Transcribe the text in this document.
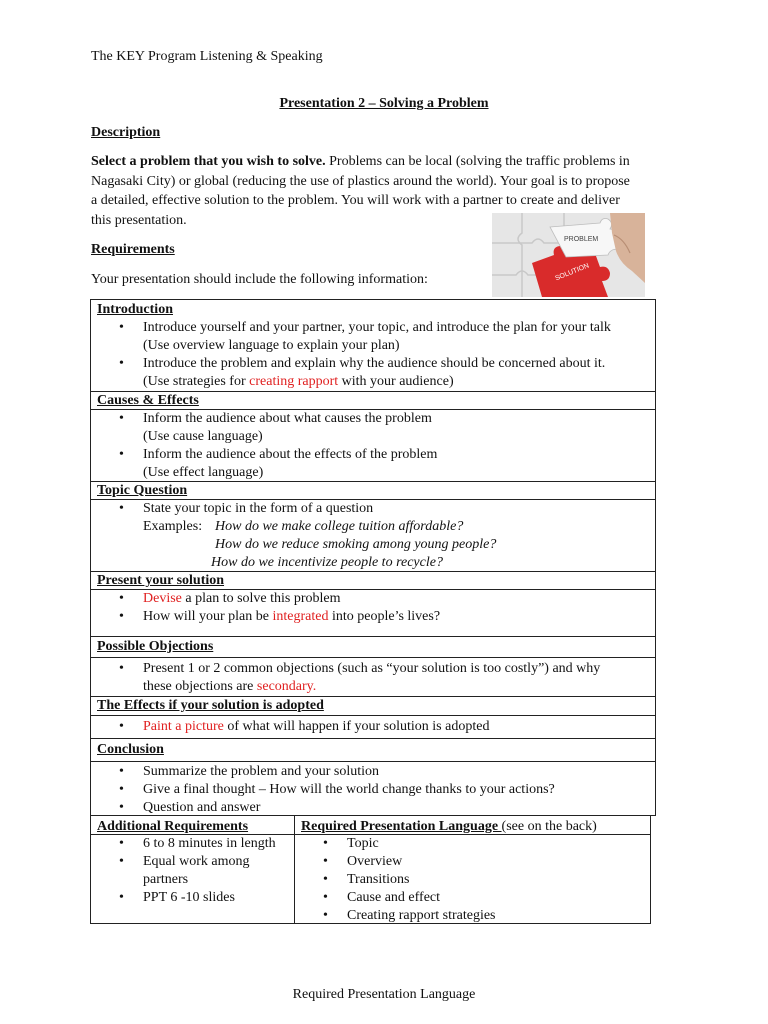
The KEY Program Listening & Speaking
Presentation 2 – Solving a Problem
Description
Select a problem that you wish to solve. Problems can be local (solving the traffic problems in
Nagasaki City) or global (reducing the use of plastics around the world). Your goal is to propose
a detailed, effective solution to the problem. You will work with a partner to create and deliver
this presentation.
SOLUTION
PROBLEM
Requirements
Your presentation should include the following information:
Introduction
• Introduce yourself and your partner, your topic, and introduce the plan for your talk
(Use overview language to explain your plan)
• Introduce the problem and explain why the audience should be concerned about it.
(Use strategies for creating rapport with your audience)
Causes & Effects
• Inform the audience about what causes the problem
(Use cause language)
• Inform the audience about the effects of the problem
(Use effect language)
Topic Question
• State your topic in the form of a question
Examples: How do we make college tuition affordable?
How do we reduce smoking among young people?
How do we incentivize people to recycle?
Present your solution
• Devise a plan to solve this problem
• How will your plan be integrated into people’s lives?
Possible Objections
• Present 1 or 2 common objections (such as “your solution is too costly”) and why
these objections are secondary.
The Effects if your solution is adopted
• Paint a picture of what will happen if your solution is adopted
Conclusion
• Summarize the problem and your solution
• Give a final thought – How will the world change thanks to your actions?
• Question and answer
Additional Requirements
• 6 to 8 minutes in length
• Equal work among
partners
• PPT 6 -10 slides
Required Presentation Language (see on the back)
• Topic
• Overview
• Transitions
• Cause and effect
• Creating rapport strategies
Required Presentation Language
